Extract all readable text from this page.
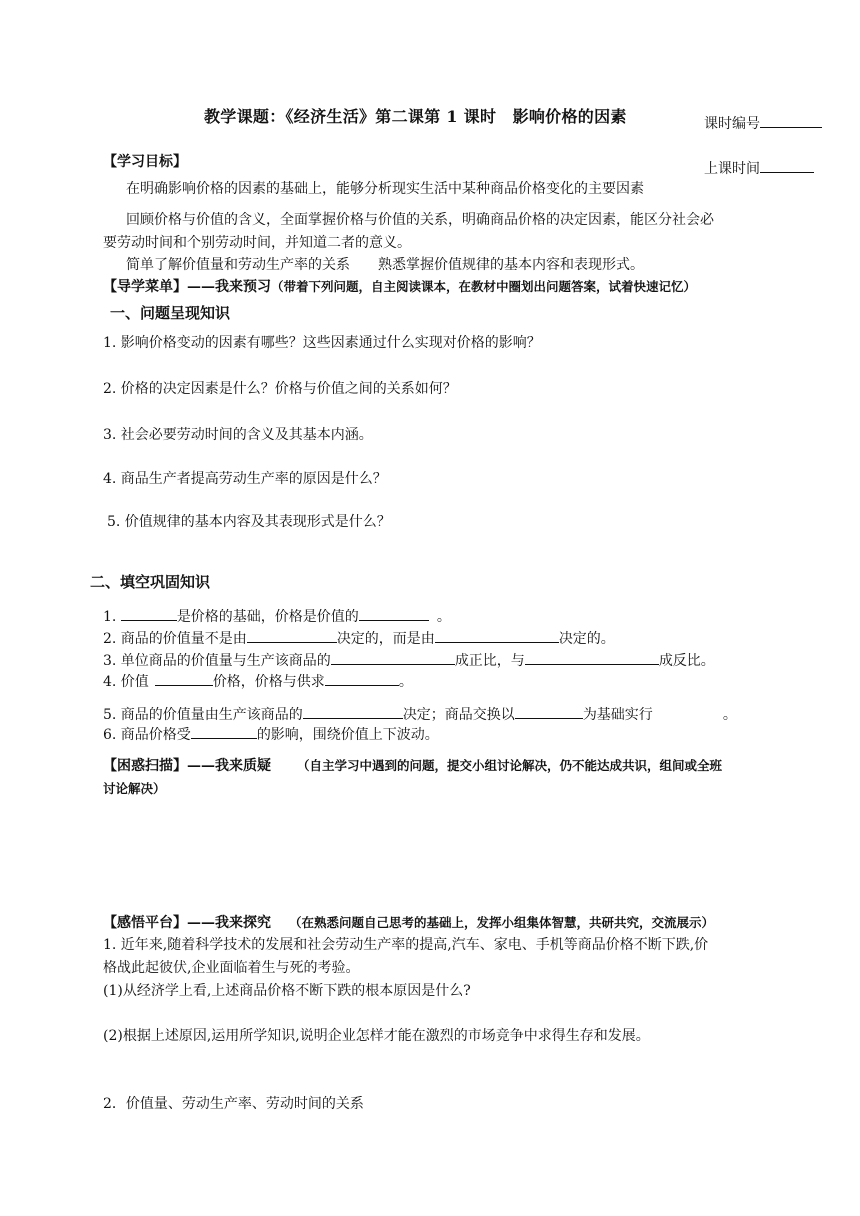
教学课题：《经济生活》第二课第 1 课时　影响价格的因素	课时编号
上课时间
【学习目标】
在明确影响价格的因素的基础上，能够分析现实生活中某种商品价格变化的主要因素
回顾价格与价值的含义，全面掌握价格与价值的关系，明确商品价格的决定因素，能区分社会必
要劳动时间和个别劳动时间，并知道二者的意义。
简单了解价值量和劳动生产率的关系　　熟悉掌握价值规律的基本内容和表现形式。
【导学菜单】——我来预习（带着下列问题，自主阅读课本，在教材中圈划出问题答案，试着快速记忆）
一、问题呈现知识
1. 影响价格变动的因素有哪些？这些因素通过什么实现对价格的影响？
2. 价格的决定因素是什么？价格与价值之间的关系如何？
3. 社会必要劳动时间的含义及其基本内涵。
4. 商品生产者提高劳动生产率的原因是什么？
5. 价值规律的基本内容及其表现形式是什么？
二、填空巩固知识
1.	是价格的基础，价格是价值的	。
2. 商品的价值量不是由	决定的，而是由	决定的。
3. 单位商品的价值量与生产该商品的	成正比，与	成反比。
4. 价值	价格，价格与供求	。
5. 商品的价值量由生产该商品的	决定；商品交换以	为基础实行	。
6. 商品价格受	的影响，围绕价值上下波动。
【困惑扫描】——我来质疑 （自主学习中遇到的问题，提交小组讨论解决，仍不能达成共识，组间或全班
讨论解决）
【感悟平台】——我来探究 （在熟悉问题自己思考的基础上，发挥小组集体智慧，共研共究，交流展示）
1. 近年来,随着科学技术的发展和社会劳动生产率的提高,汽车、家电、手机等商品价格不断下跌,价
格战此起彼伏,企业面临着生与死的考验。
(1)从经济学上看,上述商品价格不断下跌的根本原因是什么?
(2)根据上述原因,运用所学知识,说明企业怎样才能在激烈的市场竞争中求得生存和发展。
2．价值量、劳动生产率、劳动时间的关系
